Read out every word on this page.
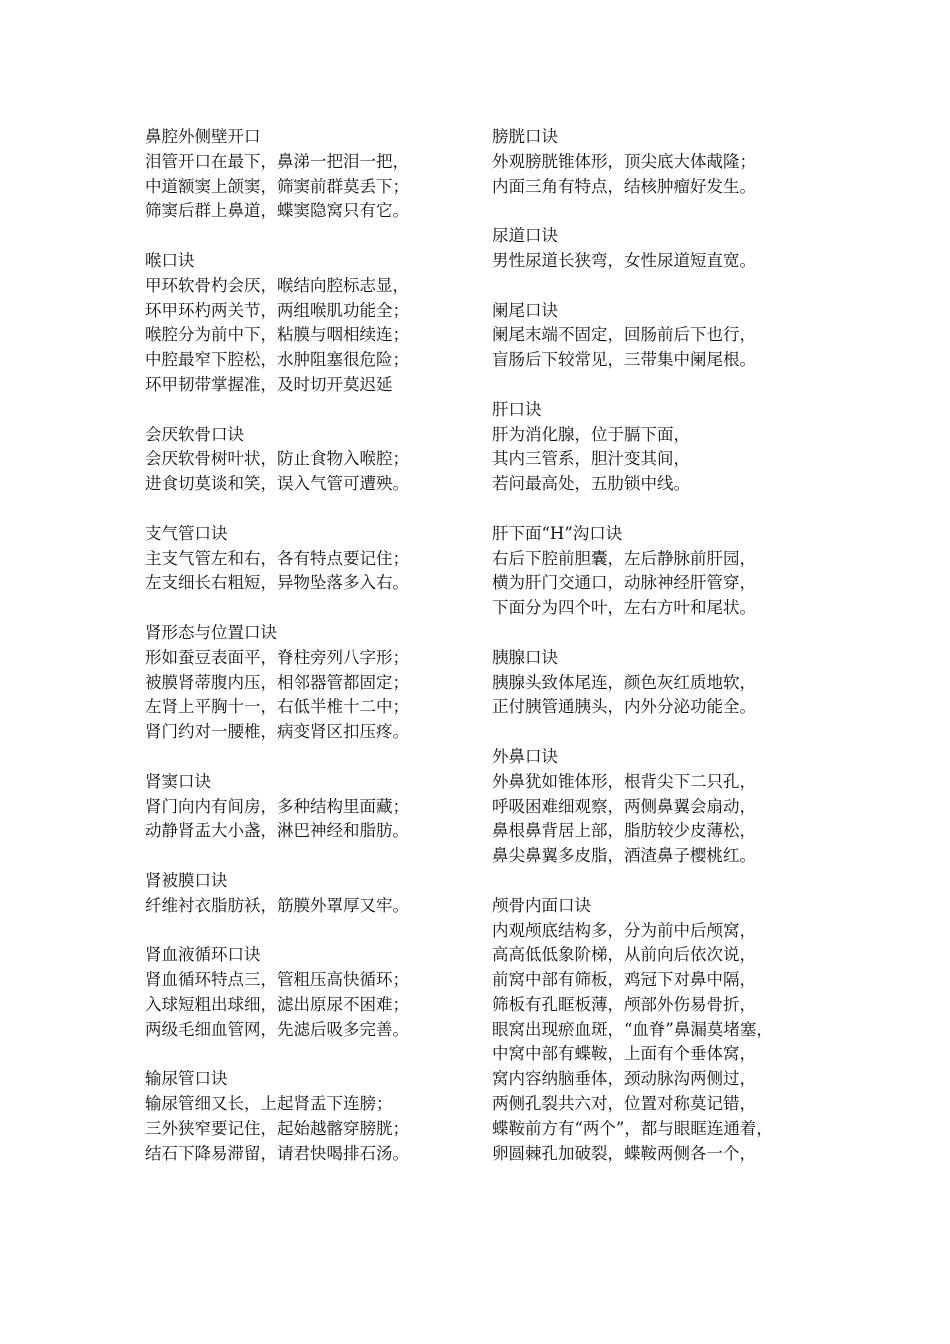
鼻腔外侧壁开口
泪管开口在最下，鼻涕一把泪一把，
中道额窦上颌窦，筛窦前群莫丢下；
筛窦后群上鼻道，蝶窦隐窝只有它。
喉口诀
甲环软骨杓会厌，喉结向腔标志显，
环甲环杓两关节，两组喉肌功能全；
喉腔分为前中下，粘膜与咽相续连；
中腔最窄下腔松，水肿阻塞很危险；
环甲韧带掌握准，及时切开莫迟延
会厌软骨口诀
会厌软骨树叶状，防止食物入喉腔；
进食切莫谈和笑，误入气管可遭殃。
支气管口诀
主支气管左和右，各有特点要记住；
左支细长右粗短，异物坠落多入右。
肾形态与位置口诀
形如蚕豆表面平，脊柱旁列八字形；
被膜肾蒂腹内压，相邻器管都固定；
左肾上平胸十一，右低半椎十二中；
肾门约对一腰椎，病变肾区扣压疼。
肾窦口诀
肾门向内有间房，多种结构里面藏；
动静肾盂大小盏，淋巴神经和脂肪。
肾被膜口诀
纤维衬衣脂肪袄，筋膜外罩厚又牢。
肾血液循环口诀
肾血循环特点三，管粗压高快循环；
入球短粗出球细，滤出原尿不困难；
两级毛细血管网，先滤后吸多完善。
输尿管口诀
输尿管细又长，上起肾盂下连膀；
三外狭窄要记住，起始越髂穿膀胱；
结石下降易滞留，请君快喝排石汤。
膀胱口诀
外观膀胱锥体形，顶尖底大体胾隆；
内面三角有特点，结核肿瘤好发生。
尿道口诀
男性尿道长狭弯，女性尿道短直宽。
阑尾口诀
阑尾末端不固定，回肠前后下也行，
盲肠后下较常见，三带集中阑尾根。
肝口诀
肝为消化腺，位于膈下面，
其内三管系，胆汁变其间，
若问最高处，五肋锁中线。
肝下面“H”沟口诀
右后下腔前胆囊，左后静脉前肝园，
横为肝门交通口，动脉神经肝管穿，
下面分为四个叶，左右方叶和尾状。
胰腺口诀
胰腺头致体尾连，颜色灰红质地软，
正付胰管通胰头，内外分泌功能全。
外鼻口诀
外鼻犹如锥体形，根背尖下二只孔，
呼吸困难细观察，两侧鼻翼会扇动，
鼻根鼻背居上部，脂肪较少皮薄松，
鼻尖鼻翼多皮脂，酒渣鼻子樱桃红。
颅骨内面口诀
内观颅底结构多，分为前中后颅窝，
高高低低象阶梯，从前向后依次说，
前窝中部有筛板，鸡冠下对鼻中隔，
筛板有孔眶板薄，颅部外伤易骨折，
眼窝出现瘀血斑，“血脊”鼻漏莫堵塞，
中窝中部有蝶鞍，上面有个垂体窝，
窝内容纳脑垂体，颈动脉沟两侧过，
两侧孔裂共六对，位置对称莫记错，
蝶鞍前方有“两个”，都与眼眶连通着，
卵圆棘孔加破裂，蝶鞍两侧各一个，
